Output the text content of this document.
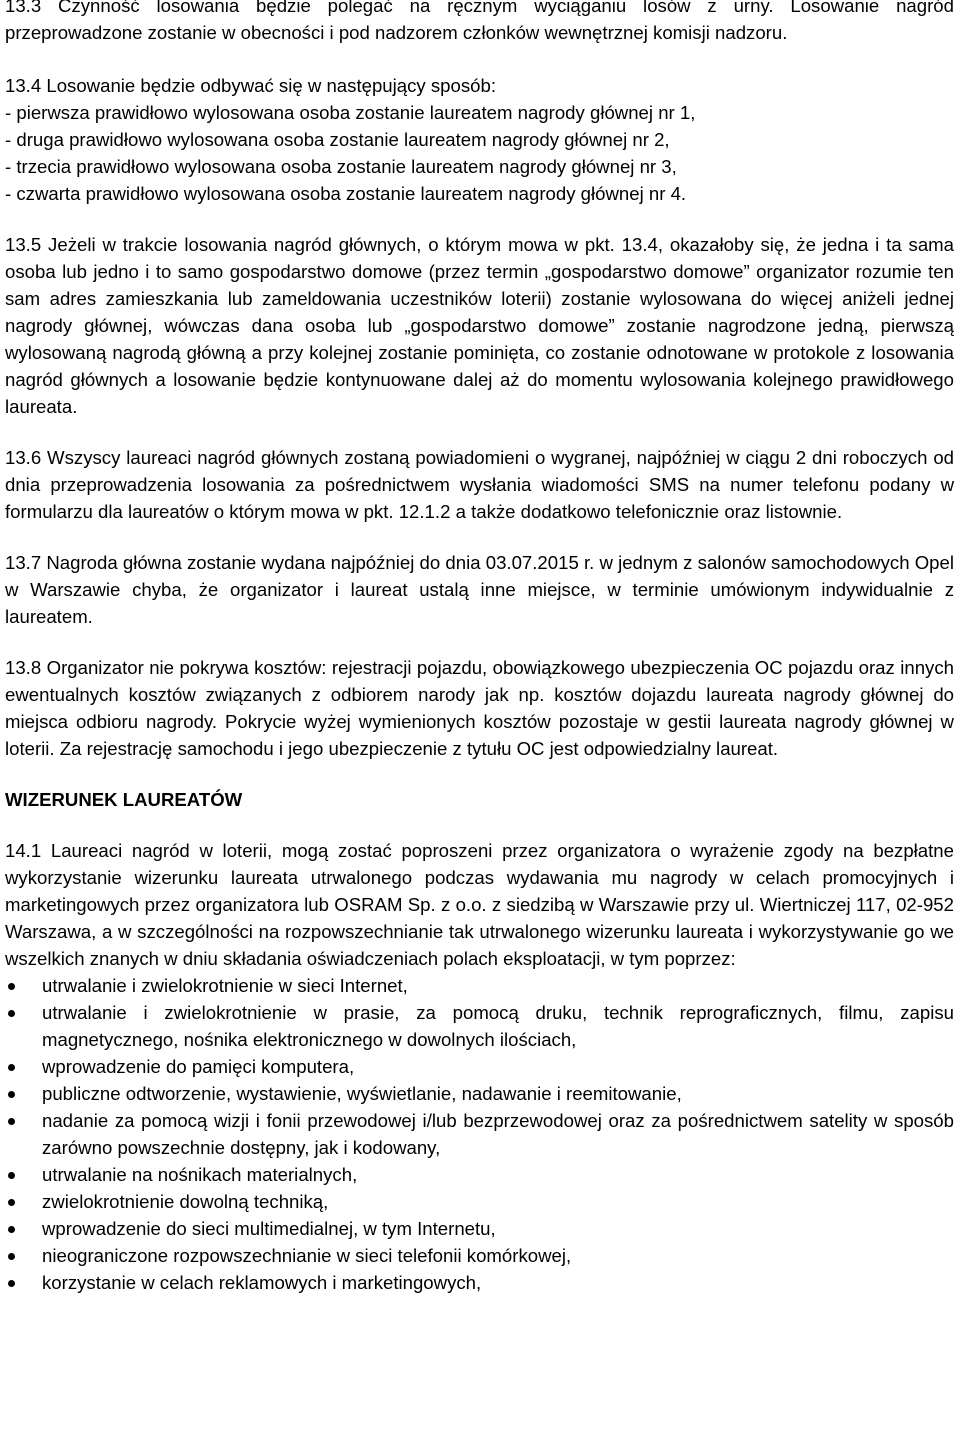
13.3 Czynność losowania będzie polegać na ręcznym wyciąganiu losów z urny. Losowanie nagród przeprowadzone zostanie w obecności i pod nadzorem członków wewnętrznej komisji nadzoru.

13.4 Losowanie będzie odbywać się w następujący sposób:
- pierwsza prawidłowo wylosowana osoba zostanie laureatem nagrody głównej nr 1,
- druga prawidłowo wylosowana osoba zostanie laureatem nagrody głównej nr 2,
- trzecia prawidłowo wylosowana osoba zostanie laureatem nagrody głównej nr 3,
- czwarta prawidłowo wylosowana osoba zostanie laureatem nagrody głównej nr 4.

13.5 Jeżeli w trakcie losowania nagród głównych, o którym mowa w pkt. 13.4, okazałoby się, że jedna i ta sama osoba lub jedno i to samo gospodarstwo domowe (przez termin „gospodarstwo domowe” organizator rozumie ten sam adres zamieszkania lub zameldowania uczestników loterii) zostanie wylosowana do więcej aniżeli jednej nagrody głównej, wówczas dana osoba lub „gospodarstwo domowe” zostanie nagrodzone jedną, pierwszą wylosowaną nagrodą główną a przy kolejnej zostanie pominięta, co zostanie odnotowane w protokole z losowania nagród głównych a losowanie będzie kontynuowane dalej aż do momentu wylosowania kolejnego prawidłowego laureata.

13.6 Wszyscy laureaci nagród głównych zostaną powiadomieni o wygranej, najpóźniej w ciągu 2 dni roboczych od dnia przeprowadzenia losowania za pośrednictwem wysłania wiadomości SMS na numer telefonu podany w formularzu dla laureatów o którym mowa w pkt. 12.1.2 a także dodatkowo telefonicznie oraz listownie.

13.7 Nagroda główna zostanie wydana najpóźniej do dnia 03.07.2015 r. w jednym z salonów samochodowych Opel w Warszawie chyba, że organizator i laureat ustalą inne miejsce, w terminie umówionym indywidualnie z laureatem.

13.8 Organizator nie pokrywa kosztów: rejestracji pojazdu, obowiązkowego ubezpieczenia OC pojazdu oraz innych ewentualnych kosztów związanych z odbiorem narody jak np. kosztów dojazdu laureata nagrody głównej do miejsca odbioru nagrody. Pokrycie wyżej wymienionych kosztów pozostaje w gestii laureata nagrody głównej w loterii. Za rejestrację samochodu i jego ubezpieczenie z tytułu OC jest odpowiedzialny laureat.

WIZERUNEK LAUREATÓW

14.1 Laureaci nagród w loterii, mogą zostać poproszeni przez organizatora o wyrażenie zgody na bezpłatne wykorzystanie wizerunku laureata utrwalonego podczas wydawania mu nagrody w celach promocyjnych i marketingowych przez organizatora lub OSRAM Sp. z o.o. z siedzibą w Warszawie przy ul. Wiertniczej 117, 02-952 Warszawa, a w szczególności na rozpowszechnianie tak utrwalonego wizerunku laureata i wykorzystywanie go we wszelkich znanych w dniu składania oświadczeniach polach eksploatacji, w tym poprzez:

utrwalanie i zwielokrotnienie w sieci Internet,
utrwalanie i zwielokrotnienie w prasie, za pomocą druku, technik reprograficznych, filmu, zapisu magnetycznego, nośnika elektronicznego w dowolnych ilościach,
wprowadzenie do pamięci komputera,
publiczne odtworzenie, wystawienie, wyświetlanie, nadawanie i reemitowanie,
nadanie za pomocą wizji i fonii przewodowej i/lub bezprzewodowej oraz za pośrednictwem satelity w sposób zarówno powszechnie dostępny, jak i kodowany,
utrwalanie na nośnikach materialnych,
zwielokrotnienie dowolną techniką,
wprowadzenie do sieci multimedialnej, w tym Internetu,
nieograniczone rozpowszechnianie w sieci telefonii komórkowej,
korzystanie w celach reklamowych i marketingowych,
